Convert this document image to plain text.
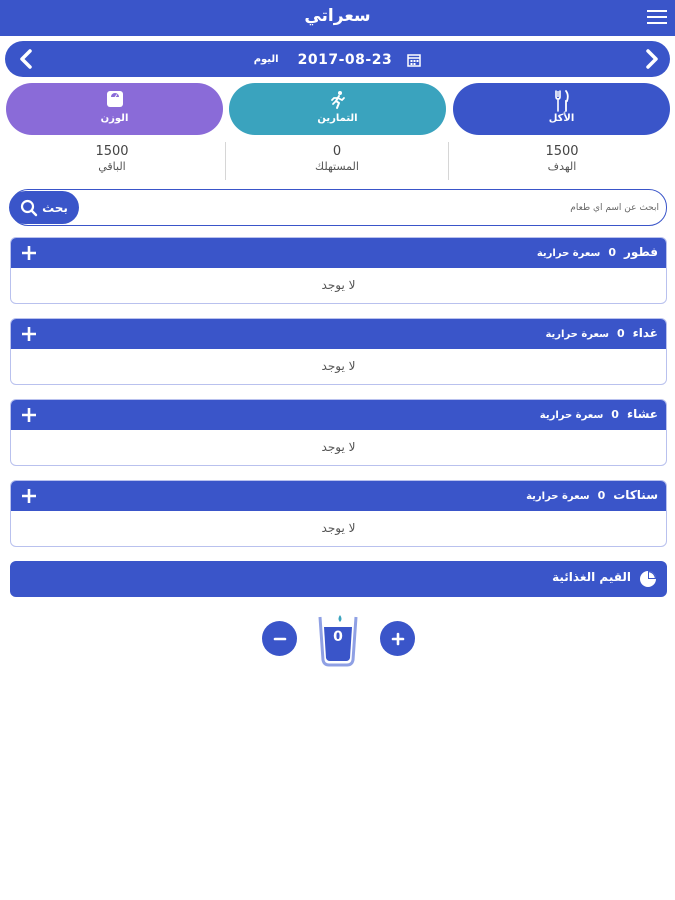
سعراتي
اليوم 2017-08-23
الوزن	التمارين	الأكل
1500
الباقي
0
المستهلك
1500
الهدف
بحث
ابحث عن اسم أي طعام
فطور0سعرة حرارية
لا يوجد
غداء0سعرة حرارية
لا يوجد
عشاء0سعرة حرارية
لا يوجد
سناكات0سعرة حرارية
لا يوجد
القيم الغذائية
0
